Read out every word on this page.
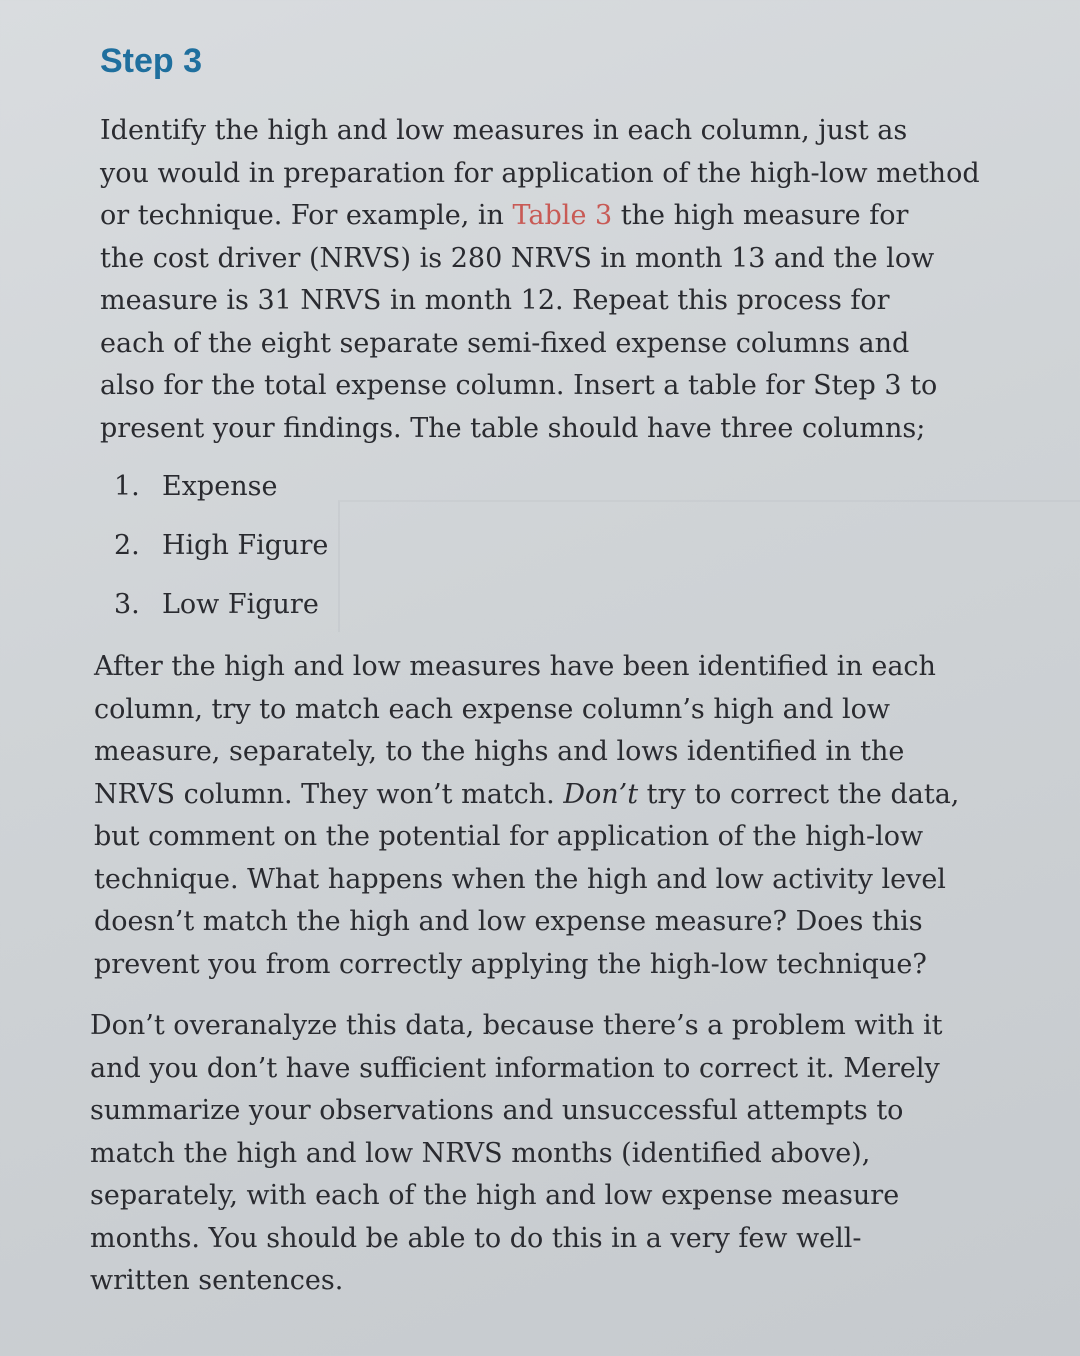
Step 3

Identify the high and low measures in each column, just as
you would in preparation for application of the high-low method
or technique. For example, in Table 3 the high measure for
the cost driver (NRVS) is 280 NRVS in month 13 and the low
measure is 31 NRVS in month 12. Repeat this process for
each of the eight separate semi-fixed expense columns and
also for the total expense column. Insert a table for Step 3 to
present your findings. The table should have three columns;

1. Expense
2. High Figure
3. Low Figure

After the high and low measures have been identified in each
column, try to match each expense column’s high and low
measure, separately, to the highs and lows identified in the
NRVS column. They won’t match. Don’t try to correct the data,
but comment on the potential for application of the high-low
technique. What happens when the high and low activity level
doesn’t match the high and low expense measure? Does this
prevent you from correctly applying the high-low technique?

Don’t overanalyze this data, because there’s a problem with it
and you don’t have sufficient information to correct it. Merely
summarize your observations and unsuccessful attempts to
match the high and low NRVS months (identified above),
separately, with each of the high and low expense measure
months. You should be able to do this in a very few well-
written sentences.
